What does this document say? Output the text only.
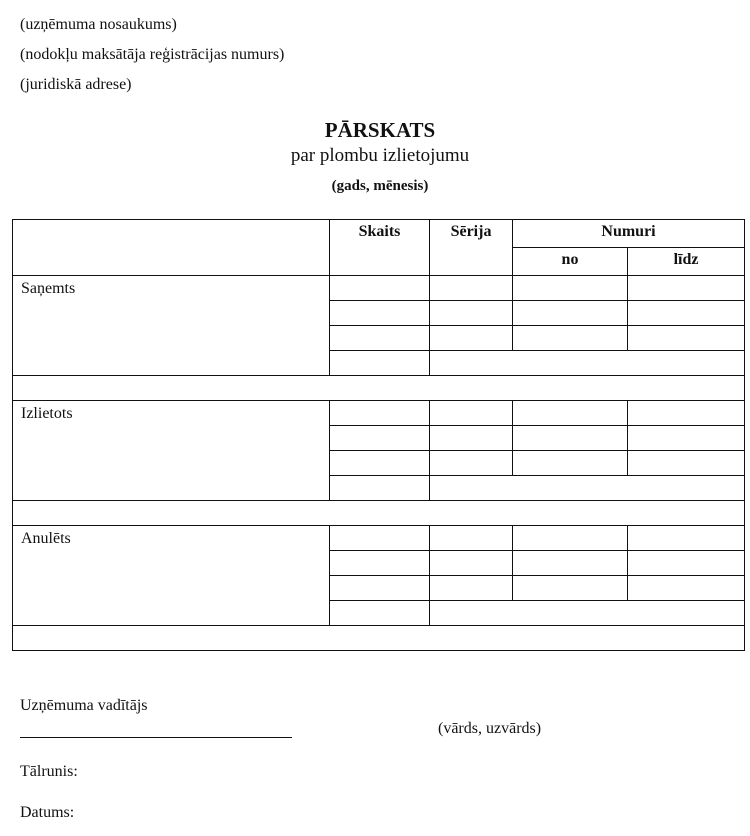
(uzņēmuma nosaukums)
(nodokļu maksātāja reģistrācijas numurs)
(juridiskā adrese)
PĀRSKATS
par plombu izlietojumu
(gads, mēnesis)
	Skaits	Sērija	Numuri	
			no	līdz
Saņemts				

Izlietots				

Anulēts				

Uzņēmuma vadītājs
(vārds, uzvārds)
Tālrunis:
Datums:
